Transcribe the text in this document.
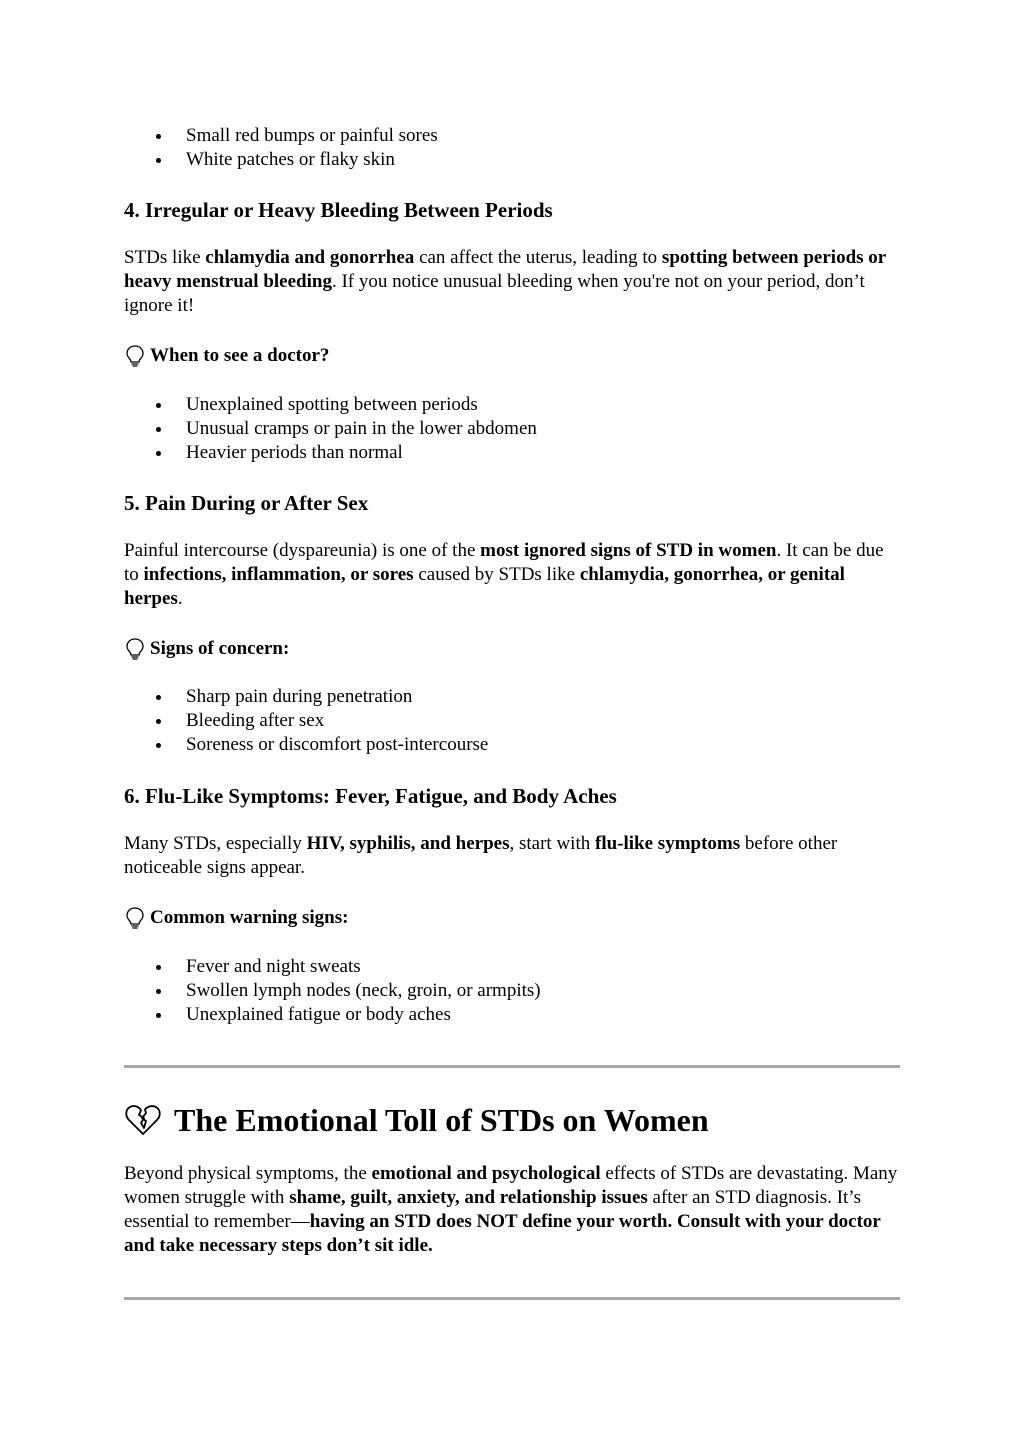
Small red bumps or painful sores
White patches or flaky skin
4. Irregular or Heavy Bleeding Between Periods

STDs like chlamydia and gonorrhea can affect the uterus, leading to spotting between periods or heavy menstrual bleeding. If you notice unusual bleeding when you're not on your period, don’t ignore it!

When to see a doctor?
Unexplained spotting between periods
Unusual cramps or pain in the lower abdomen
Heavier periods than normal
5. Pain During or After Sex

Painful intercourse (dyspareunia) is one of the most ignored signs of STD in women. It can be due to infections, inflammation, or sores caused by STDs like chlamydia, gonorrhea, or genital herpes.

Signs of concern:
Sharp pain during penetration
Bleeding after sex
Soreness or discomfort post-intercourse
6. Flu-Like Symptoms: Fever, Fatigue, and Body Aches

Many STDs, especially HIV, syphilis, and herpes, start with flu-like symptoms before other noticeable signs appear.

Common warning signs:
Fever and night sweats
Swollen lymph nodes (neck, groin, or armpits)
Unexplained fatigue or body aches
The Emotional Toll of STDs on Women

Beyond physical symptoms, the emotional and psychological effects of STDs are devastating. Many women struggle with shame, guilt, anxiety, and relationship issues after an STD diagnosis. It’s essential to remember—having an STD does NOT define your worth. Consult with your doctor and take necessary steps don’t sit idle.
